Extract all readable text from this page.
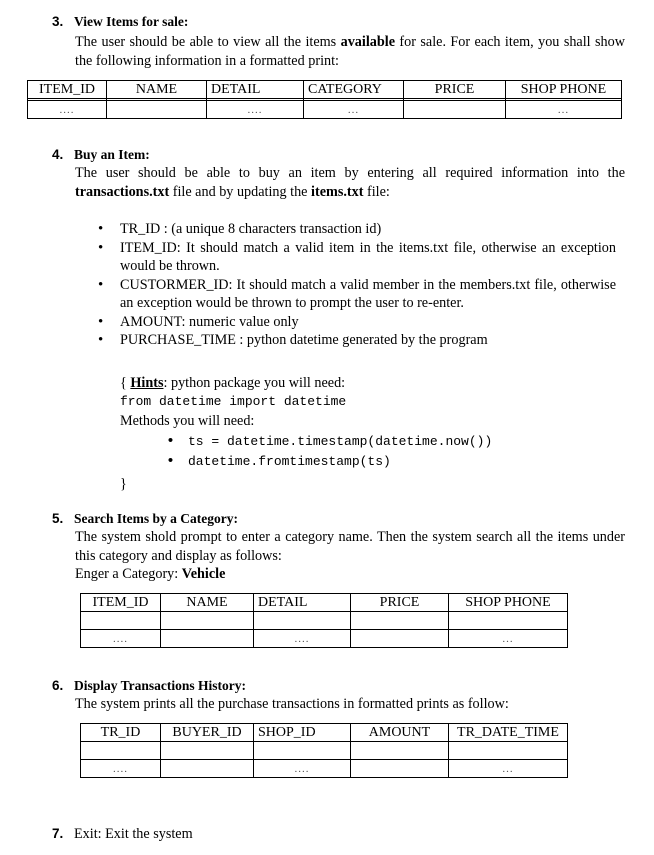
3. View Items for sale:
The user should be able to view all the items available for sale. For each item, you shall show the following information in a formatted print:
ITEM_ID	NAME	DETAIL	CATEGORY	PRICE	SHOP PHONE

....		....	...		...
4. Buy an Item:
The user should be able to buy an item by entering all required information into the transactions.txt file and by updating the items.txt file:
• TR_ID : (a unique 8 characters transaction id)
• ITEM_ID: It should match a valid item in the items.txt file, otherwise an exception would be thrown.
• CUSTORMER_ID: It should match a valid member in the members.txt file, otherwise an exception would be thrown to prompt the user to re-enter.
• AMOUNT: numeric value only
• PURCHASE_TIME : python datetime generated by the program
{ Hints: python package you will need:
from datetime import datetime
Methods you will need:
• ts = datetime.timestamp(datetime.now())
• datetime.fromtimestamp(ts)
}
5. Search Items by a Category:
The system shold prompt to enter a category name. Then the system search all the items under this category and display as follows:
Enger a Category: Vehicle
ITEM_ID	NAME	DETAIL	PRICE	SHOP PHONE

....		....		...
6. Display Transactions History:
The system prints all the purchase transactions in formatted prints as follow:
TR_ID	BUYER_ID	SHOP_ID	AMOUNT	TR_DATE_TIME

....		....		...
7. Exit: Exit the system
